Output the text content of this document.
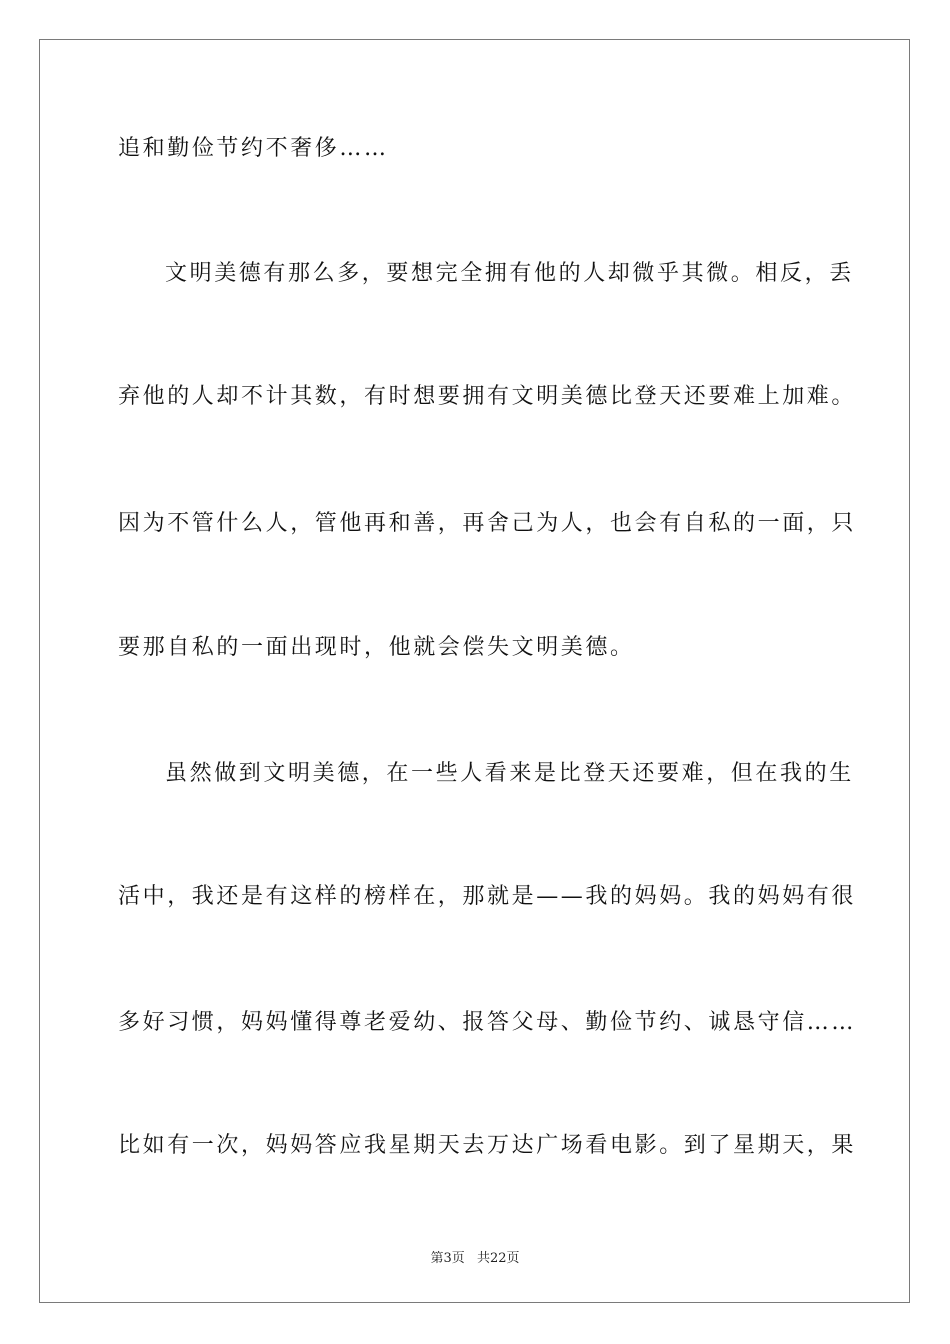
追和勤俭节约不奢侈……
文明美德有那么多，要想完全拥有他的人却微乎其微。相反，丢
弃他的人却不计其数，有时想要拥有文明美德比登天还要难上加难。
因为不管什么人，管他再和善，再舍己为人，也会有自私的一面，只
要那自私的一面出现时，他就会偿失文明美德。
虽然做到文明美德，在一些人看来是比登天还要难，但在我的生
活中，我还是有这样的榜样在，那就是——我的妈妈。我的妈妈有很
多好习惯，妈妈懂得尊老爱幼、报答父母、勤俭节约、诚恳守信……
比如有一次，妈妈答应我星期天去万达广场看电影。到了星期天，果
第3页 共22页
